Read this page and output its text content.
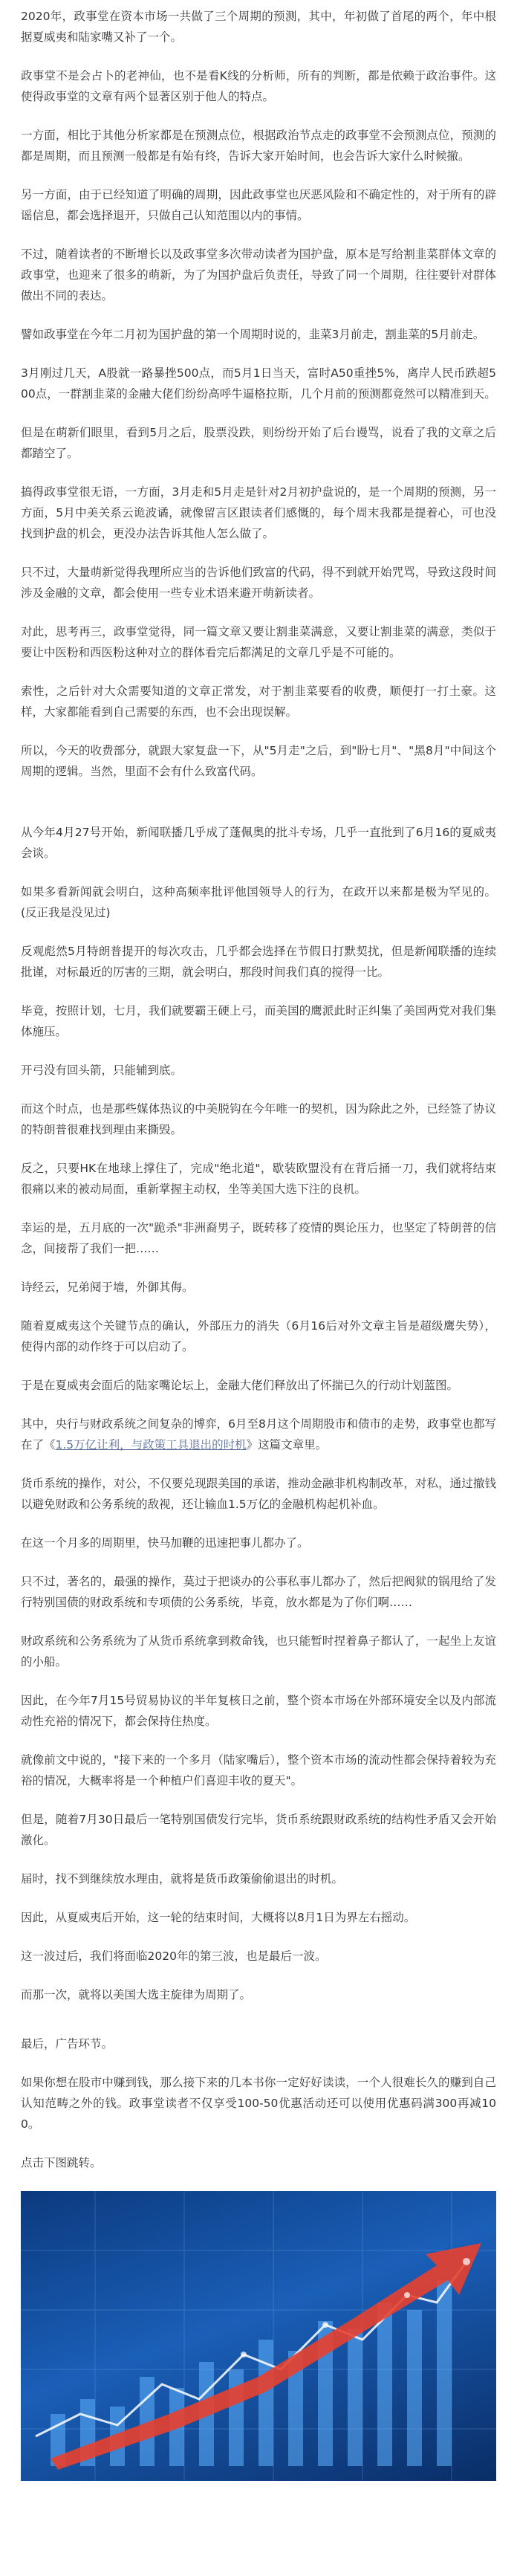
2020年，政事堂在资本市场一共做了三个周期的预测，其中，年初做了首尾的两个，年中根据夏威夷和陆家嘴又补了一个。

政事堂不是会占卜的老神仙，也不是看K线的分析师，所有的判断，都是依赖于政治事件。这使得政事堂的文章有两个显著区别于他人的特点。

一方面，相比于其他分析家都是在预测点位，根据政治节点走的政事堂不会预测点位，预测的都是周期，而且预测一般都是有始有终，告诉大家开始时间，也会告诉大家什么时候撤。

另一方面，由于已经知道了明确的周期，因此政事堂也厌恶风险和不确定性的，对于所有的辟谣信息，都会选择退开，只做自己认知范围以内的事情。

不过，随着读者的不断增长以及政事堂多次带动读者为国护盘，原本是写给割韭菜群体文章的政事堂，也迎来了很多的萌新，为了为国护盘后负责任，导致了同一个周期，往往要针对群体做出不同的表达。

譬如政事堂在今年二月初为国护盘的第一个周期时说的，韭菜3月前走，割韭菜的5月前走。

3月刚过几天，A股就一路暴挫500点，而5月1日当天，富时A50重挫5%，离岸人民币跌超500点，一群割韭菜的金融大佬们纷纷高呼牛逼格拉斯，几个月前的预测都竟然可以精准到天。

但是在萌新们眼里，看到5月之后，股票没跌，则纷纷开始了后台谩骂，说看了我的文章之后都踏空了。

搞得政事堂很无语，一方面，3月走和5月走是针对2月初护盘说的，是一个周期的预测，另一方面，5月中美关系云诡波谲，就像留言区跟读者们感慨的，每个周末我都是提着心，可也没找到护盘的机会，更没办法告诉其他人怎么做了。

只不过，大量萌新觉得我理所应当的告诉他们致富的代码，得不到就开始咒骂，导致这段时间涉及金融的文章，都会使用一些专业术语来避开萌新读者。

对此，思考再三，政事堂觉得，同一篇文章又要让割韭菜满意，又要让割韭菜的满意，类似于要让中医粉和西医粉这种对立的群体看完后都满足的文章几乎是不可能的。

索性，之后针对大众需要知道的文章正常发，对于割韭菜要看的收费，顺便打一打土豪。这样，大家都能看到自己需要的东西，也不会出现误解。

所以，今天的收费部分，就跟大家复盘一下，从"5月走"之后，到"盼七月"、"黑8月"中间这个周期的逻辑。当然，里面不会有什么致富代码。

从今年4月27号开始，新闻联播几乎成了蓬佩奥的批斗专场，几乎一直批到了6月16的夏威夷会谈。

如果多看新闻就会明白，这种高频率批评他国领导人的行为，在政开以来都是极为罕见的。(反正我是没见过)

反观彪然5月特朗普提开的每次攻击，几乎都会选择在节假日打默契扰，但是新闻联播的连续批谨，对标最近的厉害的三期，就会明白，那段时间我们真的搅得一比。

毕竟，按照计划，七月，我们就要霸王硬上弓，而美国的鹰派此时正纠集了美国两党对我们集体施压。

开弓没有回头箭，只能辅到底。

而这个时点，也是那些媒体热议的中美脱钩在今年唯一的契机，因为除此之外，已经签了协议的特朗普很难找到理由来撕毁。

反之，只要HK在地球上撑住了，完成"绝北道"，歇装欧盟没有在背后捅一刀，我们就将结束很痛以来的被动局面，重新掌握主动权，坐等美国大选下注的良机。

幸运的是，五月底的一次"跪杀"非洲裔男子，既转移了疫情的舆论压力，也坚定了特朗普的信念，间接帮了我们一把……

诗经云，兄弟阋于墙，外御其侮。

随着夏威夷这个关键节点的确认，外部压力的消失（6月16后对外文章主旨是超级鹰失势），使得内部的动作终于可以启动了。

于是在夏威夷会面后的陆家嘴论坛上，金融大佬们释放出了怀揣已久的行动计划蓝图。

其中，央行与财政系统之间复杂的博弈，6月至8月这个周期股市和债市的走势，政事堂也都写在了《1.5万亿让利，与政策工具退出的时机》这篇文章里。

货币系统的操作，对公，不仅要兑现跟美国的承诺，推动金融非机构制改革，对私，通过撤钱以避免财政和公务系统的敌视，还让输血1.5万亿的金融机构起机补血。

在这一个月多的周期里，快马加鞭的迅速把事儿都办了。

只不过，著名的，最强的操作，莫过于把谈办的公事私事儿都办了，然后把阀狱的锅甩给了发行特别国债的财政系统和专项债的公务系统，毕竟，放水都是为了你们啊……

财政系统和公务系统为了从货币系统拿到救命钱，也只能暂时捏着鼻子都认了，一起坐上友谊的小船。

因此，在今年7月15号贸易协议的半年复核日之前，整个资本市场在外部环境安全以及内部流动性充裕的情况下，都会保持住热度。

就像前文中说的，"接下来的一个多月（陆家嘴后），整个资本市场的流动性都会保持着较为充裕的情况，大概率将是一个种植户们喜迎丰收的夏天"。

但是，随着7月30日最后一笔特别国债发行完毕，货币系统跟财政系统的结构性矛盾又会开始激化。

届时，找不到继续放水理由，就将是货币政策偷偷退出的时机。

因此，从夏威夷后开始，这一轮的结束时间，大概将以8月1日为界左右摇动。

这一波过后，我们将面临2020年的第三波，也是最后一波。

而那一次，就将以美国大选主旋律为周期了。

最后，广告环节。

如果你想在股市中赚到钱，那么接下来的几本书你一定好好读读，一个人很难长久的赚到自己认知范畴之外的钱。政事堂读者不仅享受100-50优惠活动还可以使用优惠码满300再减100。

点击下图跳转。
